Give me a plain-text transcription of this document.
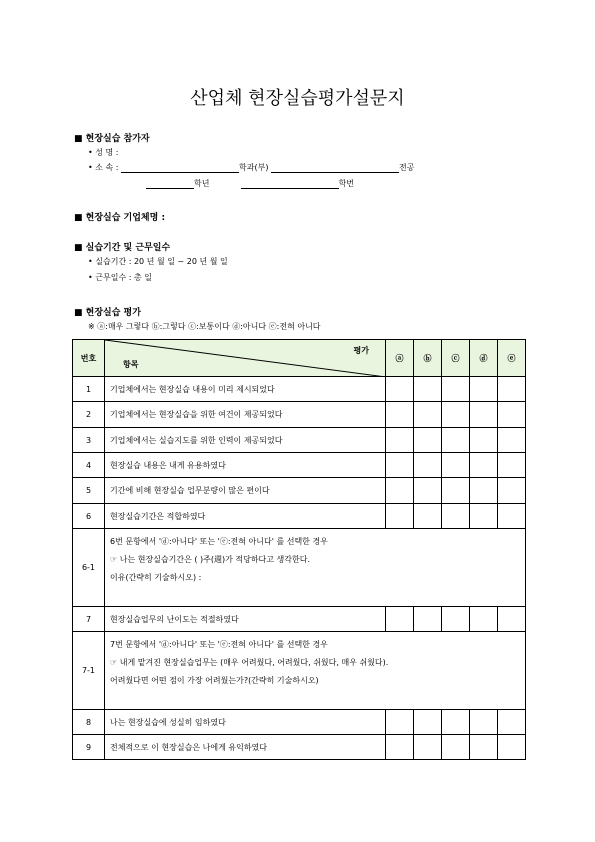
산업체 현장실습평가설문지
■ 현장실습 참가자
• 성 명 :
• 소 속 :	학과(부)	전공
학년	학번
■ 현장실습 기업체명 :
■ 실습기간 및 근무일수
• 실습기간 : 20 년 월 일 ~ 20 년 월 일
• 근무일수 : 총 일
■ 현장실습 평가
※ ⓐ:매우 그렇다 ⓑ:그렇다 ⓒ:보통이다 ⓓ:아니다 ⓔ:전혀 아니다
번호	평가
항목	ⓐ	ⓑ	ⓒ	ⓓ	ⓔ
1	기업체에서는 현장실습 내용이 미리 제시되었다					
2	기업체에서는 현장실습을 위한 여건이 제공되었다					
3	기업체에서는 실습지도를 위한 인력이 제공되었다					
4	현장실습 내용은 내게 유용하였다					
5	기간에 비해 현장실습 업무분량이 많은 편이다					
6	현장실습기간은 적합하였다					
6-1	6번 문항에서 'ⓓ:아니다' 또는 'ⓔ:전혀 아니다' 를 선택한 경우
☞ 나는 현장실습기간은 ( )주(週)가 적당하다고 생각한다.
이유(간략히 기술하시오) :					

7	현장실습업무의 난이도는 적절하였다					
7-1	7번 문항에서 'ⓓ:아니다' 또는 'ⓔ:전혀 아니다' 를 선택한 경우
☞ 내게 맡겨진 현장실습업무는 (매우 어려웠다, 어려웠다, 쉬웠다, 매우 쉬웠다).
어려웠다면 어떤 점이 가장 어려웠는가?(간략히 기술하시오)					

8	나는 현장실습에 성실히 임하였다					
9	전체적으로 이 현장실습은 나에게 유익하였다					
